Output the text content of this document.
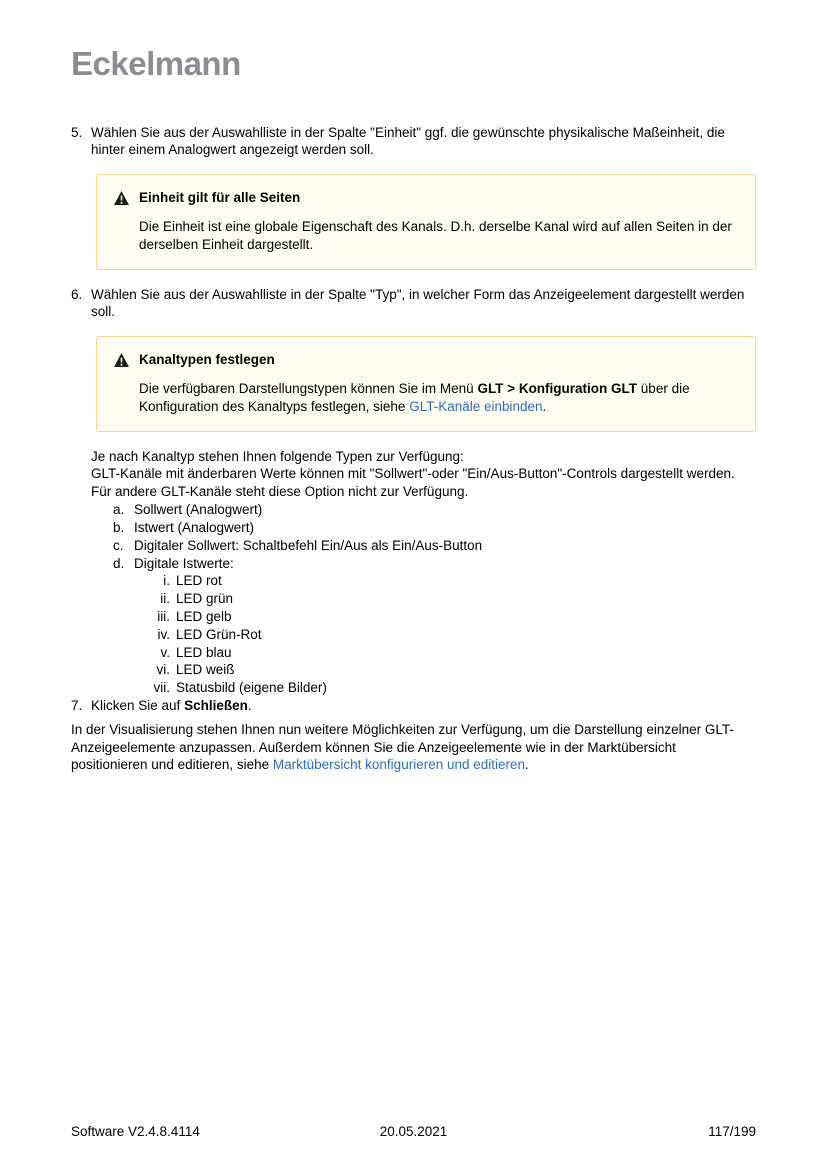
Eckelmann
5. Wählen Sie aus der Auswahlliste in der Spalte "Einheit" ggf. die gewünschte physikalische Maßeinheit, die hinter einem Analogwert angezeigt werden soll.
Einheit gilt für alle Seiten
Die Einheit ist eine globale Eigenschaft des Kanals. D.h. derselbe Kanal wird auf allen Seiten in der derselben Einheit dargestellt.
6. Wählen Sie aus der Auswahlliste in der Spalte "Typ", in welcher Form das Anzeigeelement dargestellt werden soll.
Kanaltypen festlegen
Die verfügbaren Darstellungstypen können Sie im Menü GLT > Konfiguration GLT über die Konfiguration des Kanaltyps festlegen, siehe GLT-Kanäle einbinden.
Je nach Kanaltyp stehen Ihnen folgende Typen zur Verfügung:
GLT-Kanäle mit änderbaren Werte können mit "Sollwert"-oder "Ein/Aus-Button"-Controls dargestellt werden. Für andere GLT-Kanäle steht diese Option nicht zur Verfügung.
a. Sollwert (Analogwert)
b. Istwert (Analogwert)
c. Digitaler Sollwert: Schaltbefehl Ein/Aus als Ein/Aus-Button
d. Digitale Istwerte:
i. LED rot
ii. LED grün
iii. LED gelb
iv. LED Grün-Rot
v. LED blau
vi. LED weiß
vii. Statusbild (eigene Bilder)
7. Klicken Sie auf Schließen.
In der Visualisierung stehen Ihnen nun weitere Möglichkeiten zur Verfügung, um die Darstellung einzelner GLT-Anzeigeelemente anzupassen. Außerdem können Sie die Anzeigeelemente wie in der Marktübersicht positionieren und editieren, siehe Marktübersicht konfigurieren und editieren.
Software V2.4.8.4114	20.05.2021	117/199
